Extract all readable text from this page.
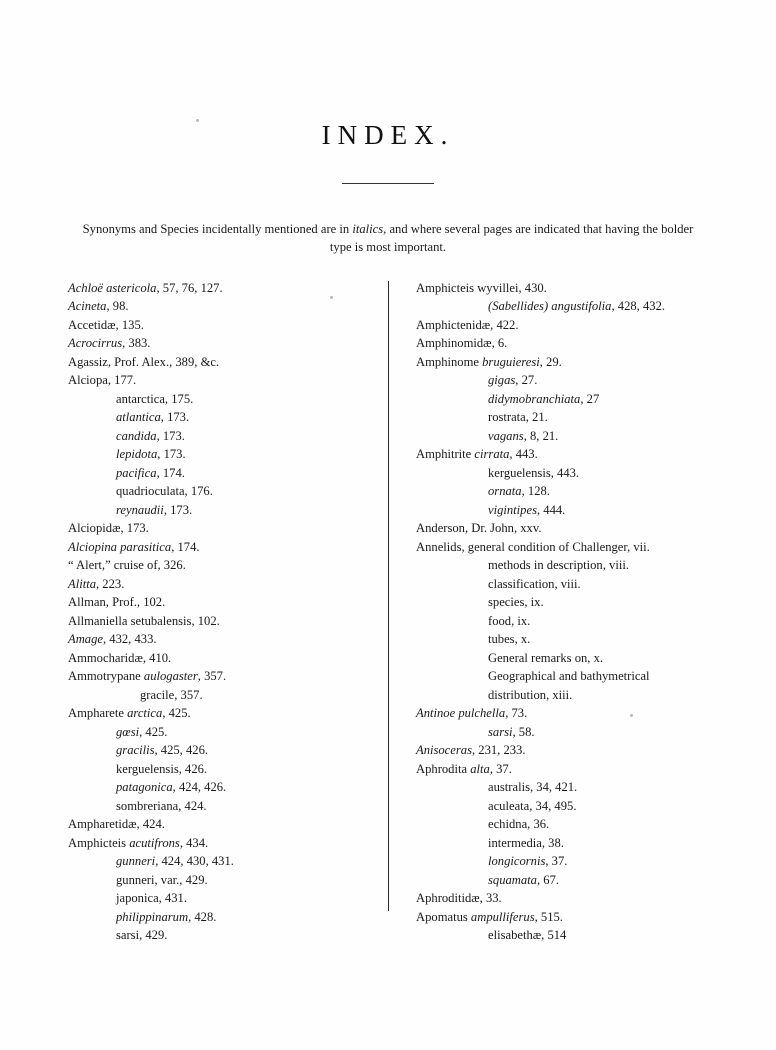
INDEX.
Synonyms and Species incidentally mentioned are in italics, and where several pages are indicated that having the bolder type is most important.
Achloë astericola, 57, 76, 127.
Acineta, 98.
Accetidæ, 135.
Acrocirrus, 383.
Agassiz, Prof. Alex., 389, &c.
Alciopa, 177.
antarctica, 175.
atlantica, 173.
candida, 173.
lepidota, 173.
pacifica, 174.
quadrioculata, 176.
reynaudii, 173.
Alciopidæ, 173.
Alciopina parasitica, 174.
“ Alert,” cruise of, 326.
Alitta, 223.
Allman, Prof., 102.
Allmaniella setubalensis, 102.
Amage, 432, 433.
Ammocharidæ, 410.
Ammotrypane aulogaster, 357.
gracile, 357.
Ampharete arctica, 425.
gœsi, 425.
gracilis, 425, 426.
kerguelensis, 426.
patagonica, 424, 426.
sombreriana, 424.
Ampharetidæ, 424.
Amphicteis acutifrons, 434.
gunneri, 424, 430, 431.
gunneri, var., 429.
japonica, 431.
philippinarum, 428.
sarsi, 429.
Amphicteis wyvillei, 430.
(Sabellides) angustifolia, 428, 432.
Amphictenidæ, 422.
Amphinomidæ, 6.
Amphinome bruguieresi, 29.
gigas, 27.
didymobranchiata, 27
rostrata, 21.
vagans, 8, 21.
Amphitrite cirrata, 443.
kerguelensis, 443.
ornata, 128.
vigintipes, 444.
Anderson, Dr. John, xxv.
Annelids, general condition of Challenger, vii.
methods in description, viii.
classification, viii.
species, ix.
food, ix.
tubes, x.
General remarks on, x.
Geographical and bathymetrical distribution, xiii.
Antinoe pulchella, 73.
sarsi, 58.
Anisoceras, 231, 233.
Aphrodita alta, 37.
australis, 34, 421.
aculeata, 34, 495.
echidna, 36.
intermedia, 38.
longicornis, 37.
squamata, 67.
Aphroditidæ, 33.
Apomatus ampulliferus, 515.
elisabethæ, 514
